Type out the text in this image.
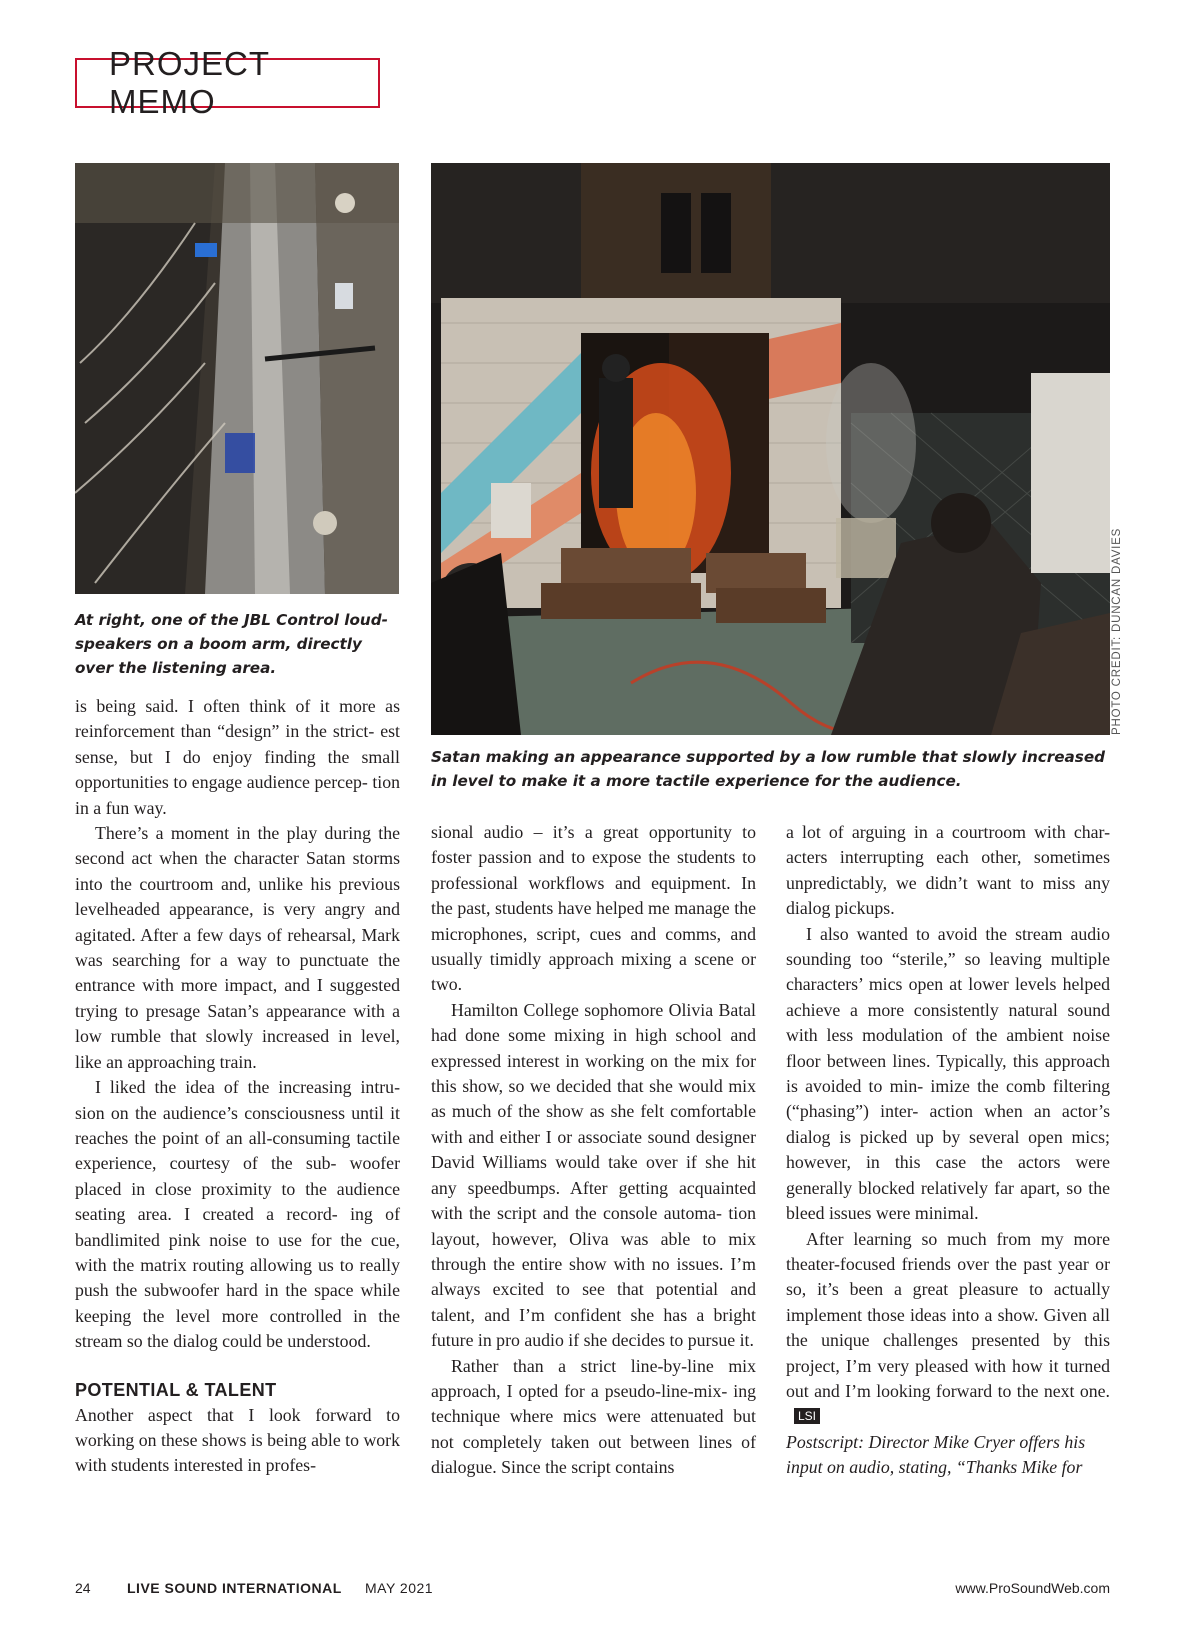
PROJECT MEMO
PHOTO CREDIT: DUNCAN DAVIES
At right, one of the JBL Control loud- speakers on a boom arm, directly over the listening area.
Satan making an appearance supported by a low rumble that slowly increased in level to make it a more tactile experience for the audience.

is being said. I often think of it more as reinforcement than “design” in the strict- est sense, but I do enjoy finding the small opportunities to engage audience percep- tion in a fun way.

There’s a moment in the play during the second act when the character Satan storms into the courtroom and, unlike his previous levelheaded appearance, is very angry and agitated. After a few days of rehearsal, Mark was searching for a way to punctuate the entrance with more impact, and I suggested trying to presage Satan’s appearance with a low rumble that slowly increased in level, like an approaching train.

I liked the idea of the increasing intru- sion on the audience’s consciousness until it reaches the point of an all-consuming tactile experience, courtesy of the sub- woofer placed in close proximity to the audience seating area. I created a record- ing of bandlimited pink noise to use for the cue, with the matrix routing allowing us to really push the subwoofer hard in the space while keeping the level more controlled in the stream so the dialog could be understood.

POTENTIAL & TALENT

Another aspect that I look forward to working on these shows is being able to work with students interested in profes-

sional audio – it’s a great opportunity to foster passion and to expose the students to professional workflows and equipment. In the past, students have helped me manage the microphones, script, cues and comms, and usually timidly approach mixing a scene or two.

Hamilton College sophomore Olivia Batal had done some mixing in high school and expressed interest in working on the mix for this show, so we decided that she would mix as much of the show as she felt comfortable with and either I or associate sound designer David Williams would take over if she hit any speedbumps. After getting acquainted with the script and the console automa- tion layout, however, Oliva was able to mix through the entire show with no issues. I’m always excited to see that potential and talent, and I’m confident she has a bright future in pro audio if she decides to pursue it.

Rather than a strict line-by-line mix approach, I opted for a pseudo-line-mix- ing technique where mics were attenuated but not completely taken out between lines of dialogue. Since the script contains

a lot of arguing in a courtroom with char- acters interrupting each other, sometimes unpredictably, we didn’t want to miss any dialog pickups.

I also wanted to avoid the stream audio sounding too “sterile,” so leaving multiple characters’ mics open at lower levels helped achieve a more consistently natural sound with less modulation of the ambient noise floor between lines. Typically, this approach is avoided to min- imize the comb filtering (“phasing”) inter- action when an actor’s dialog is picked up by several open mics; however, in this case the actors were generally blocked relatively far apart, so the bleed issues were minimal.

After learning so much from my more theater-focused friends over the past year or so, it’s been a great pleasure to actually implement those ideas into a show. Given all the unique challenges presented by this project, I’m very pleased with how it turned out and I’m looking forward to the next one.LSI

Postscript: Director Mike Cryer offers his input on audio, stating, “Thanks Mike for

24	LIVE SOUND INTERNATIONAL MAY 2021	www.ProSoundWeb.com
